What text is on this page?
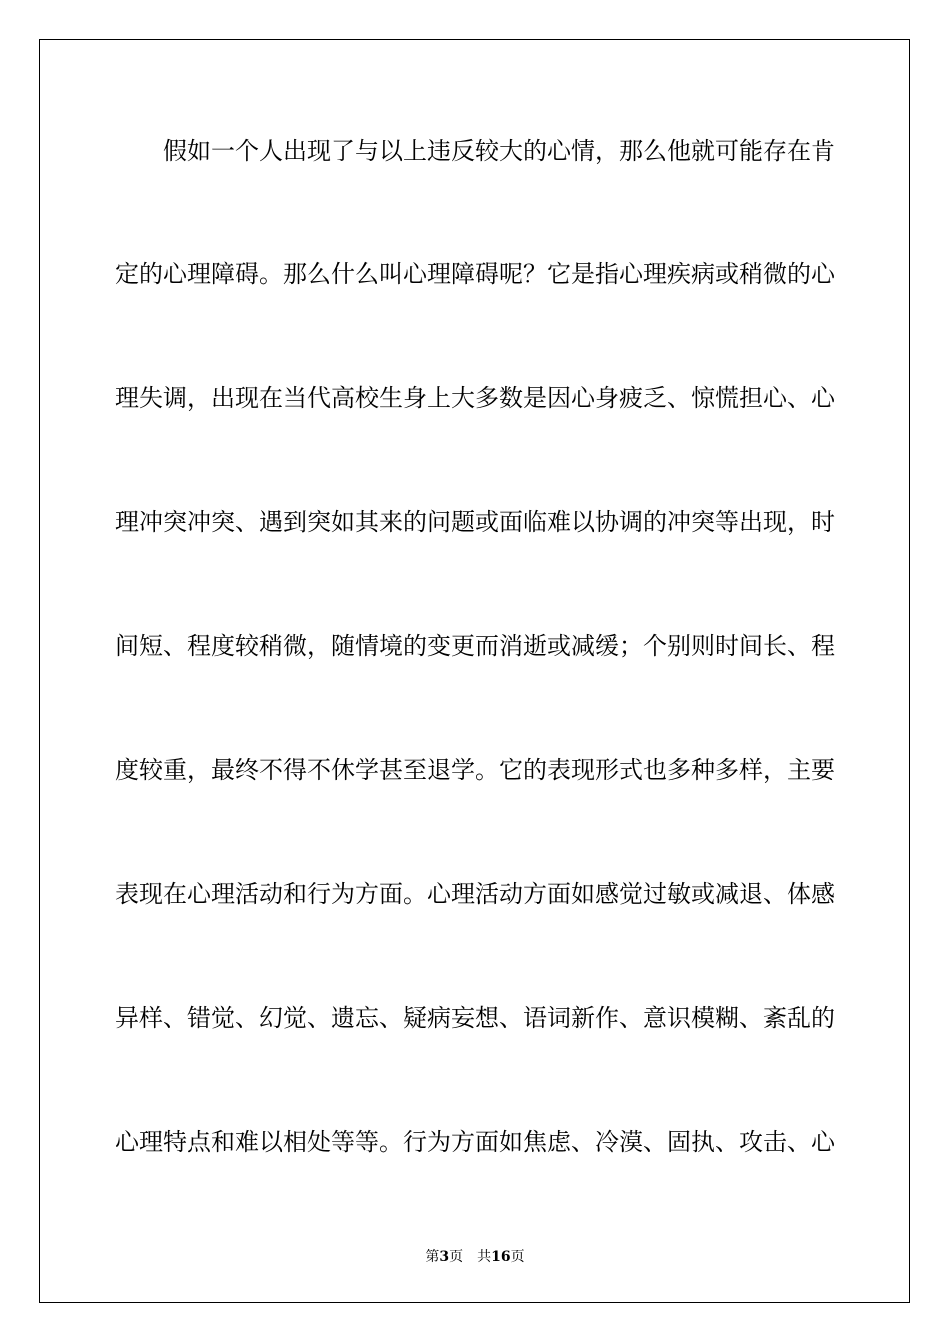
假如一个人出现了与以上违反较大的心情，那么他就可能存在肯
定的心理障碍。那么什么叫心理障碍呢？它是指心理疾病或稍微的心
理失调，出现在当代高校生身上大多数是因心身疲乏、惊慌担心、心
理冲突冲突、遇到突如其来的问题或面临难以协调的冲突等出现，时
间短、程度较稍微，随情境的变更而消逝或减缓；个别则时间长、程
度较重，最终不得不休学甚至退学。它的表现形式也多种多样，主要
表现在心理活动和行为方面。心理活动方面如感觉过敏或减退、体感
异样、错觉、幻觉、遗忘、疑病妄想、语词新作、意识模糊、紊乱的
心理特点和难以相处等等。行为方面如焦虑、冷漠、固执、攻击、心
第3页 共16页
